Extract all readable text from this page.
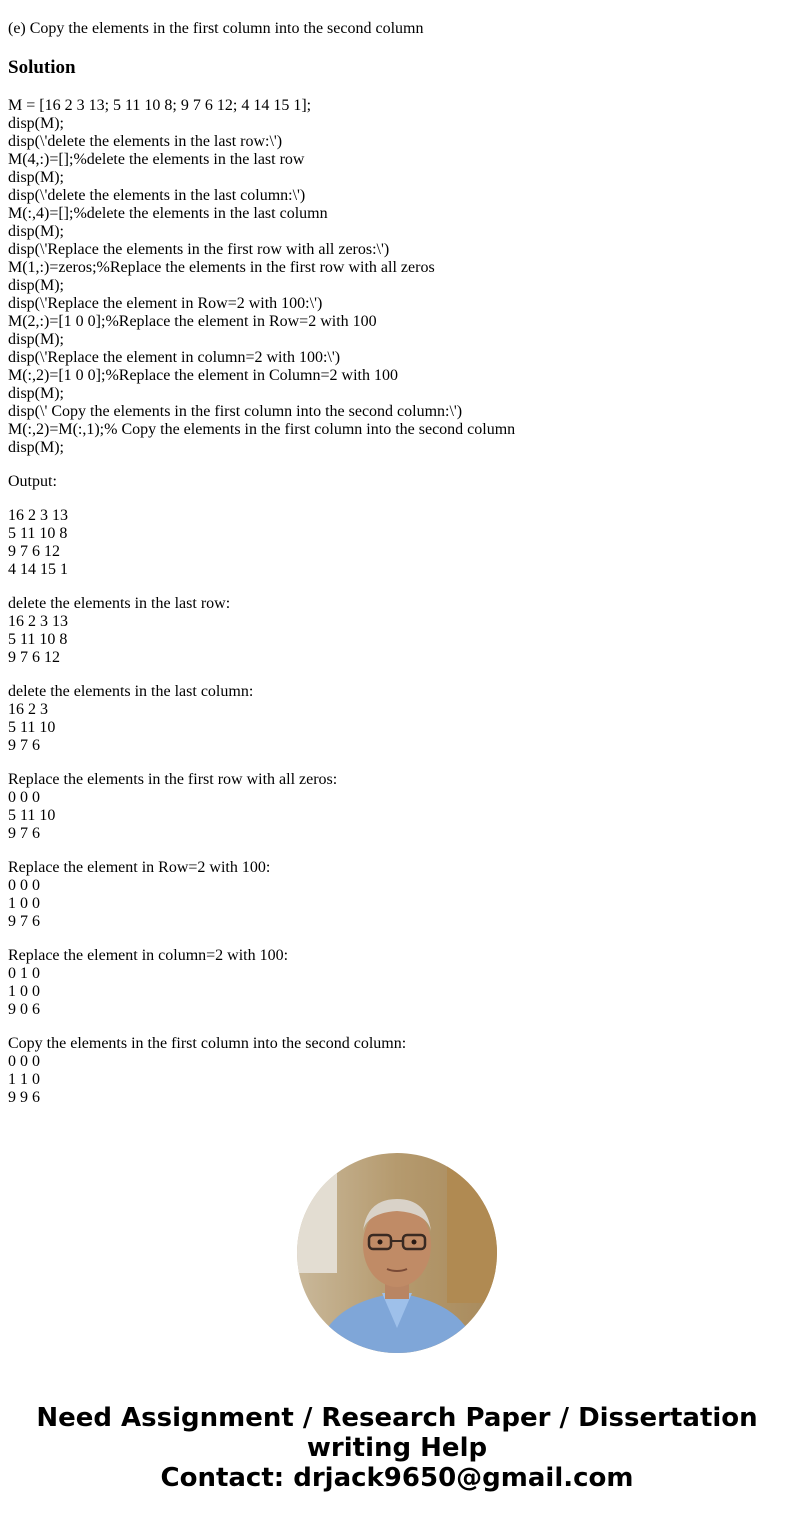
(e) Copy the elements in the first column into the second column

Solution
M = [16 2 3 13; 5 11 10 8; 9 7 6 12; 4 14 15 1];
disp(M);
disp(\'delete the elements in the last row:\')
M(4,:)=[];%delete the elements in the last row
disp(M);
disp(\'delete the elements in the last column:\')
M(:,4)=[];%delete the elements in the last column
disp(M);
disp(\'Replace the elements in the first row with all zeros:\')
M(1,:)=zeros;%Replace the elements in the first row with all zeros
disp(M);
disp(\'Replace the element in Row=2 with 100:\')
M(2,:)=[1 0 0];%Replace the element in Row=2 with 100
disp(M);
disp(\'Replace the element in column=2 with 100:\')
M(:,2)=[1 0 0];%Replace the element in Column=2 with 100
disp(M);
disp(\' Copy the elements in the first column into the second column:\')
M(:,2)=M(:,1);% Copy the elements in the first column into the second column
disp(M);

Output:

16 2 3 13
5 11 10 8
9 7 6 12
4 14 15 1
delete the elements in the last row:
16 2 3 13
5 11 10 8
9 7 6 12
delete the elements in the last column:
16 2 3
5 11 10
9 7 6
Replace the elements in the first row with all zeros:
0 0 0
5 11 10
9 7 6
Replace the element in Row=2 with 100:
0 0 0
1 0 0
9 7 6
Replace the element in column=2 with 100:
0 1 0
1 0 0
9 0 6
Copy the elements in the first column into the second column:
0 0 0
1 1 0
9 9 6
Need Assignment / Research Paper / Dissertation
writing Help
Contact: drjack9650@gmail.com
